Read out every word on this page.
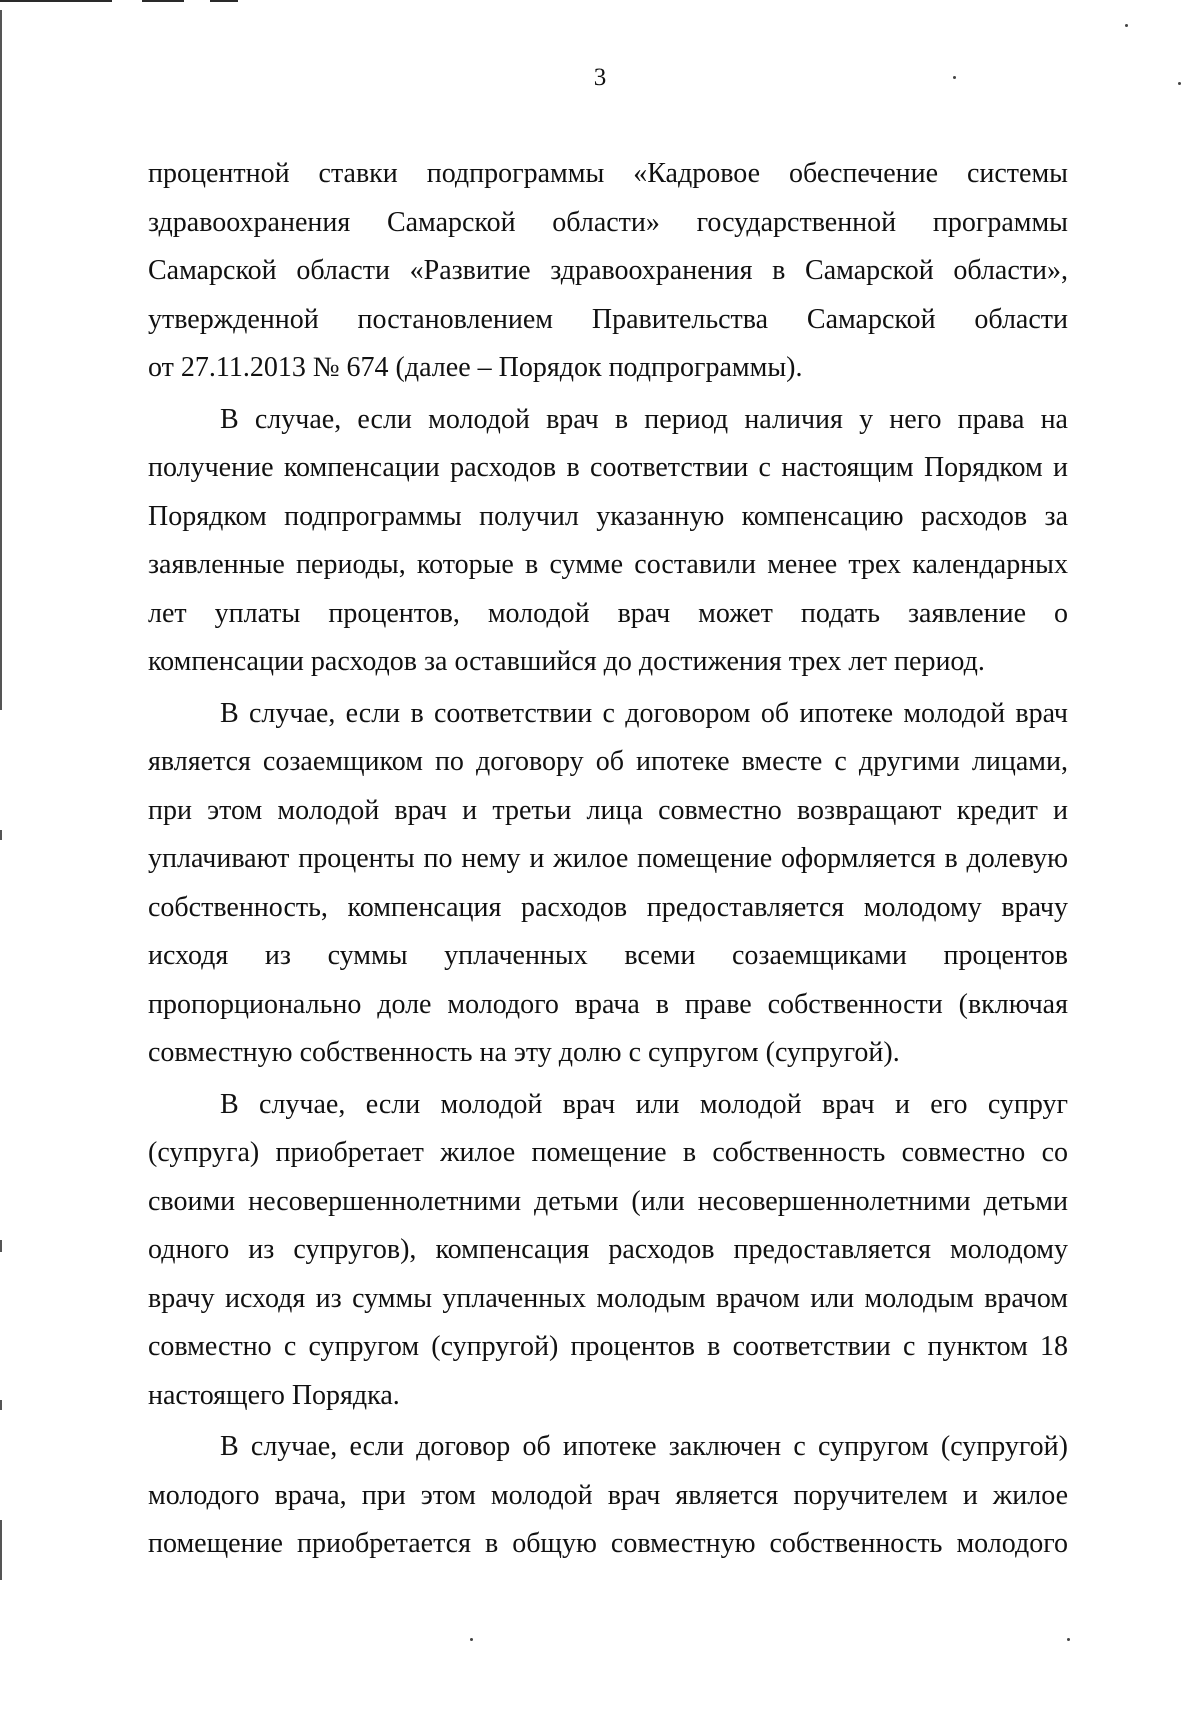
3

процентной ставки подпрограммы «Кадровое обеспечение системы
здравоохранения Самарской области» государственной программы
Самарской области «Развитие здравоохранения в Самарской области»,
утвержденной постановлением Правительства Самарской области
от 27.11.2013 № 674 (далее – Порядок подпрограммы).

В случае, если молодой врач в период наличия у него права на
получение компенсации расходов в соответствии с настоящим Порядком и
Порядком подпрограммы получил указанную компенсацию расходов за
заявленные периоды, которые в сумме составили менее трех календарных
лет уплаты процентов, молодой врач может подать заявление о
компенсации расходов за оставшийся до достижения трех лет период.

В случае, если в соответствии с договором об ипотеке молодой врач
является созаемщиком по договору об ипотеке вместе с другими лицами,
при этом молодой врач и третьи лица совместно возвращают кредит и
уплачивают проценты по нему и жилое помещение оформляется в долевую
собственность, компенсация расходов предоставляется молодому врачу
исходя из суммы уплаченных всеми созаемщиками процентов
пропорционально доле молодого врача в праве собственности (включая
совместную собственность на эту долю с супругом (супругой).

В случае, если молодой врач или молодой врач и его супруг
(супруга) приобретает жилое помещение в собственность совместно со
своими несовершеннолетними детьми (или несовершеннолетними детьми
одного из супругов), компенсация расходов предоставляется молодому
врачу исходя из суммы уплаченных молодым врачом или молодым врачом
совместно с супругом (супругой) процентов в соответствии с пунктом 18
настоящего Порядка.

В случае, если договор об ипотеке заключен с супругом (супругой)
молодого врача, при этом молодой врач является поручителем и жилое
помещение приобретается в общую совместную собственность молодого
